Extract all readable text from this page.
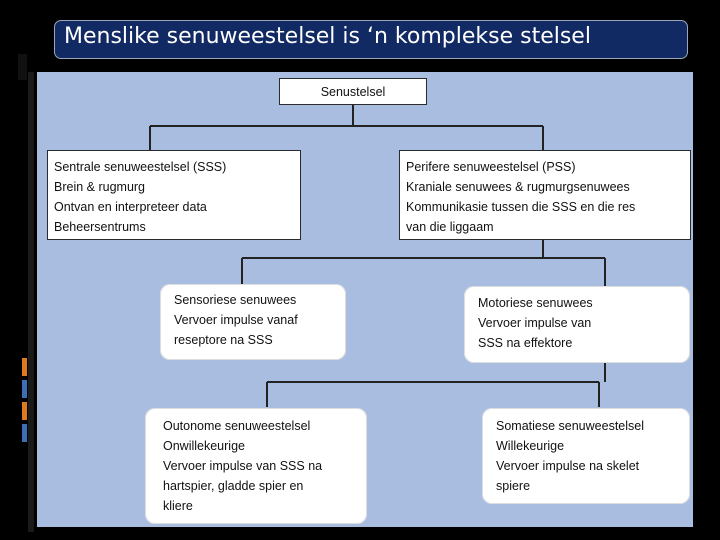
Menslike senuweestelsel is ‘n komplekse stelsel
Senustelsel
Sentrale senuweestelsel (SSS)
Brein & rugmurg
Ontvan en interpreteer data
Beheersentrums
Perifere senuweestelsel (PSS)
Kraniale senuwees & rugmurgsenuwees
Kommunikasie tussen die SSS en die res
van die liggaam
Sensoriese senuwees
Vervoer impulse vanaf
reseptore na SSS
Motoriese senuwees
Vervoer impulse van
SSS na effektore
Outonome senuweestelsel
Onwillekeurige
Vervoer impulse van SSS na
hartspier, gladde spier en
kliere
Somatiese senuweestelsel
Willekeurige
Vervoer impulse na skelet
spiere
